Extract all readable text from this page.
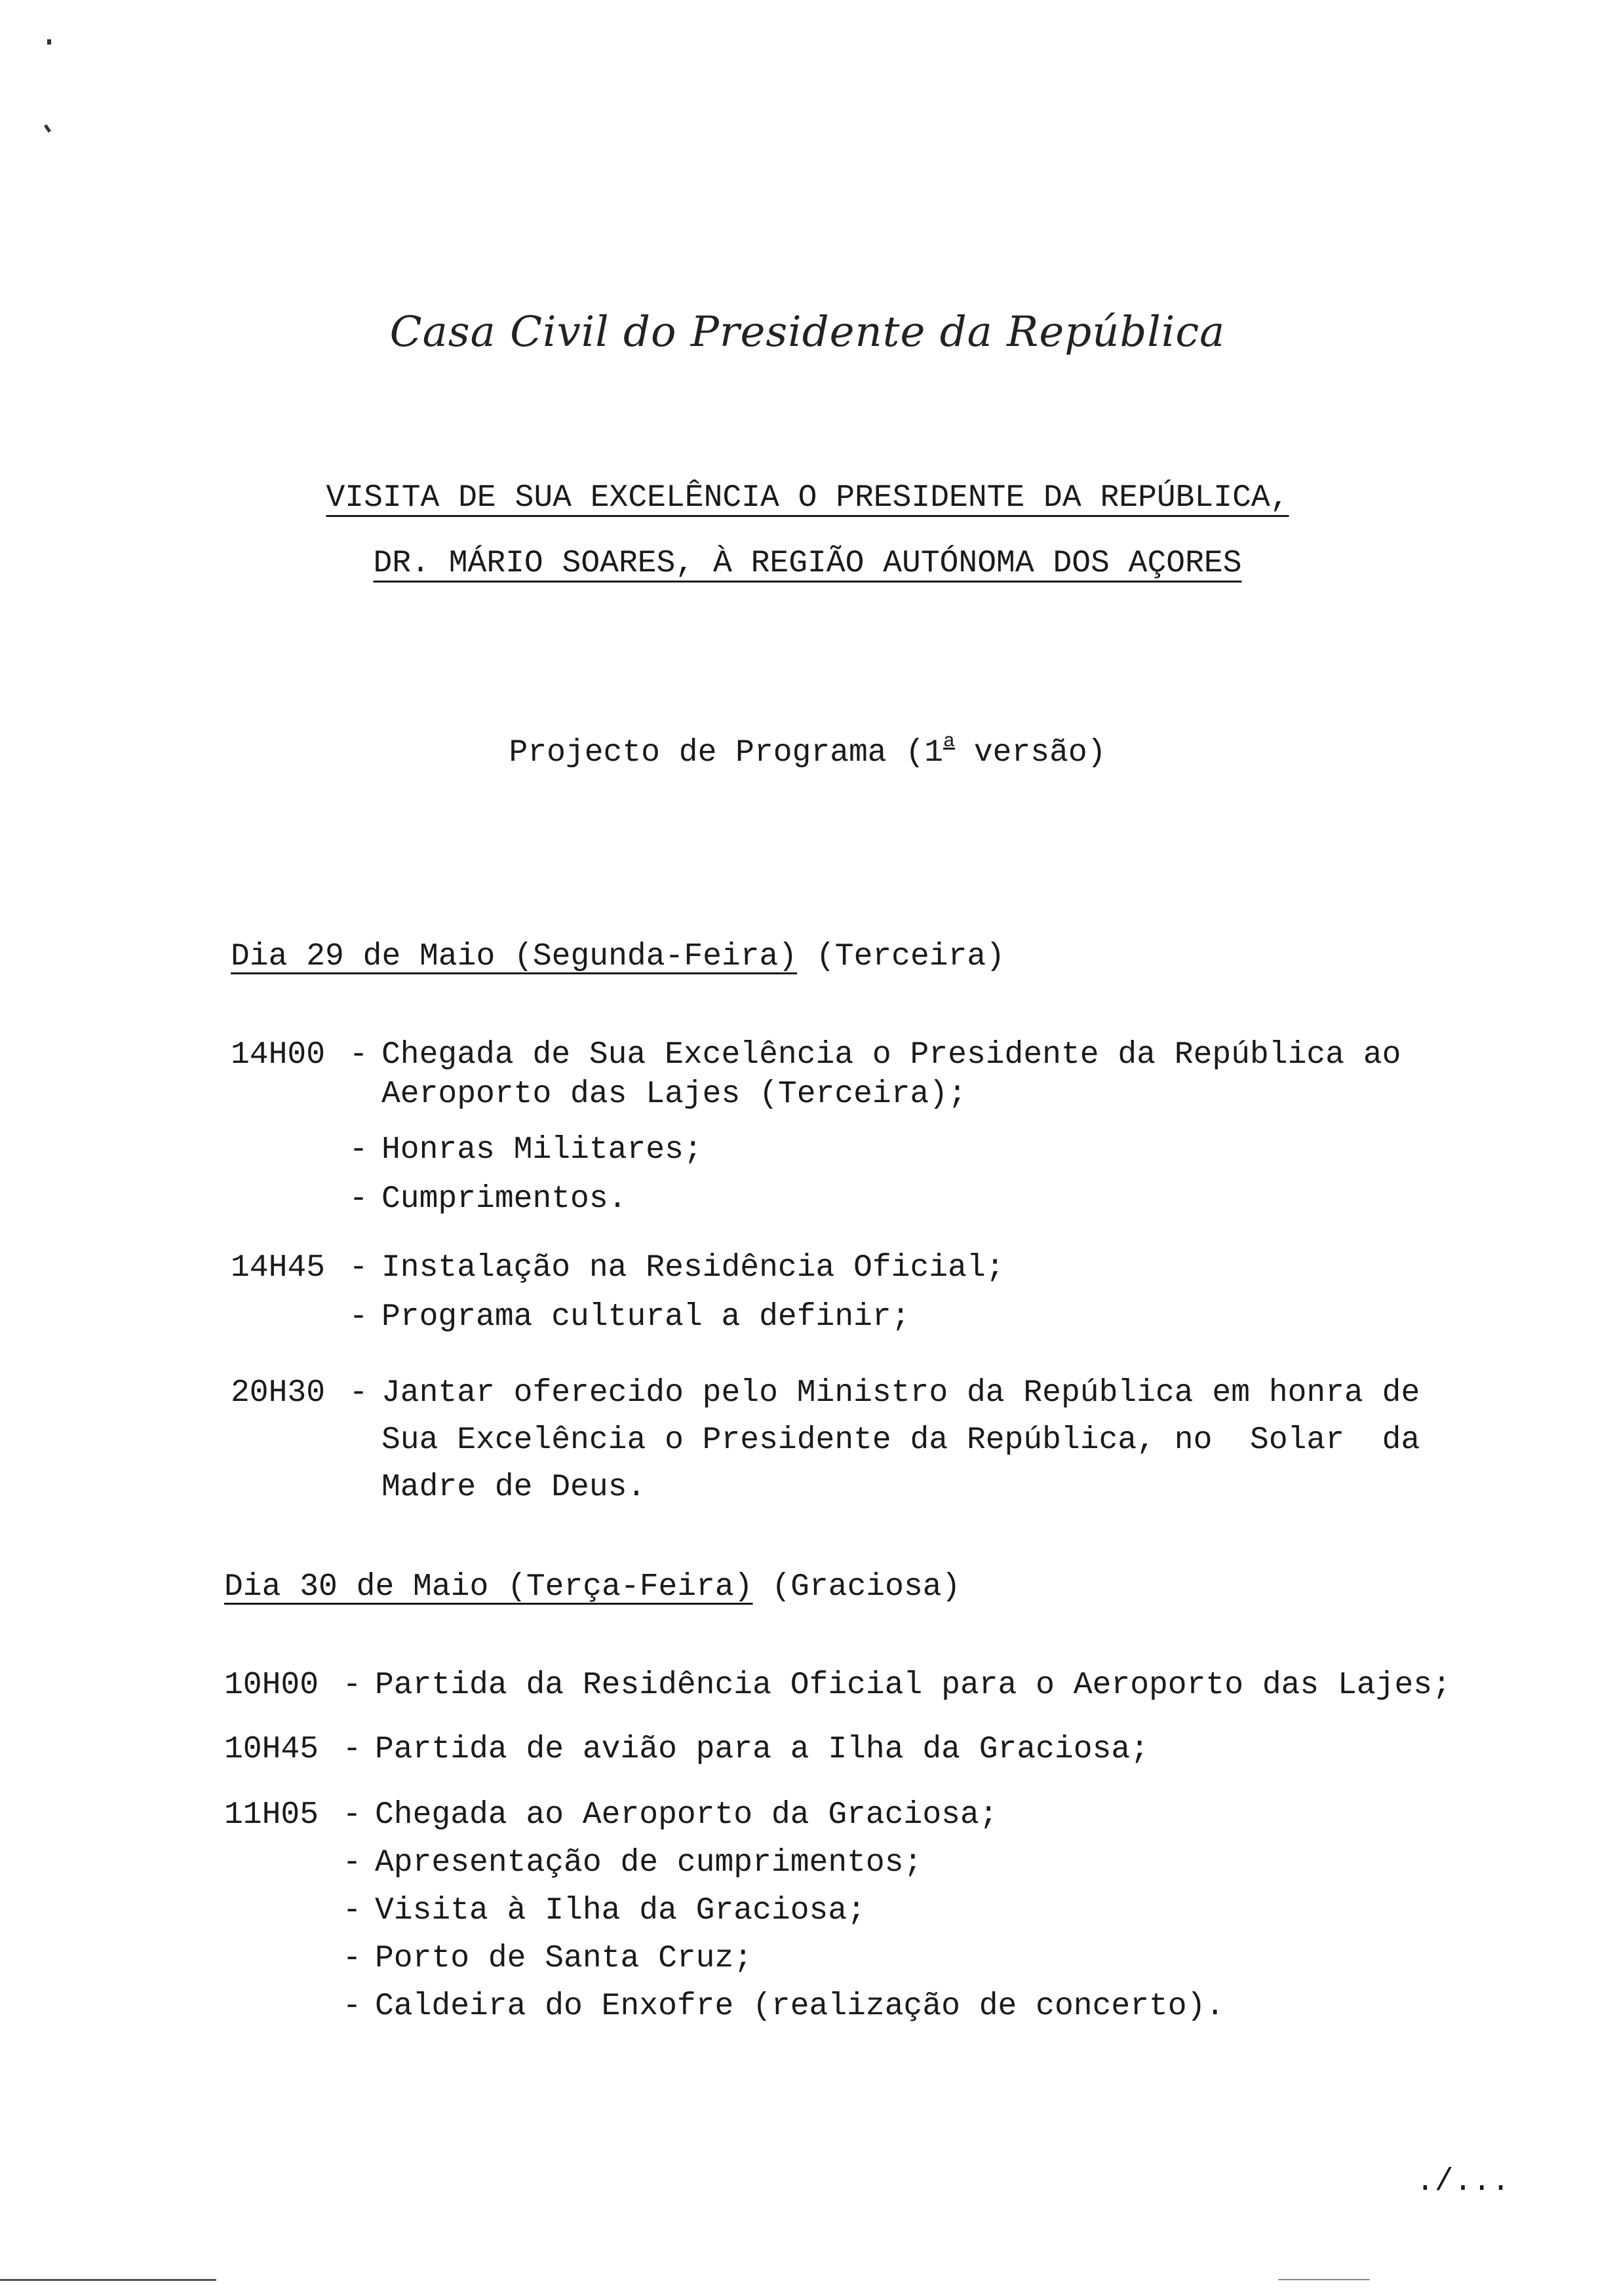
Casa Civil do Presidente da República
VISITA DE SUA EXCELÊNCIA O PRESIDENTE DA REPÚBLICA,
DR. MÁRIO SOARES, À REGIÃO AUTÓNOMA DOS AÇORES
Projecto de Programa (1$^a$ versão)
Dia 29 de Maio (Segunda-Feira) (Terceira)
14H00 - Chegada de Sua Excelência o Presidente da República ao
Aeroporto das Lajes (Terceira);
- Honras Militares;
- Cumprimentos.
14H45 - Instalação na Residência Oficial;
- Programa cultural a definir;
20H30 - Jantar oferecido pelo Ministro da República em honra de
Sua Excelência o Presidente da República, no  Solar  da
Madre de Deus.
Dia 30 de Maio (Terça-Feira) (Graciosa)
10H00 - Partida da Residência Oficial para o Aeroporto das Lajes;
10H45 - Partida de avião para a Ilha da Graciosa;
11H05 - Chegada ao Aeroporto da Graciosa;
- Apresentação de cumprimentos;
- Visita à Ilha da Graciosa;
- Porto de Santa Cruz;
- Caldeira do Enxofre (realização de concerto).
./...
